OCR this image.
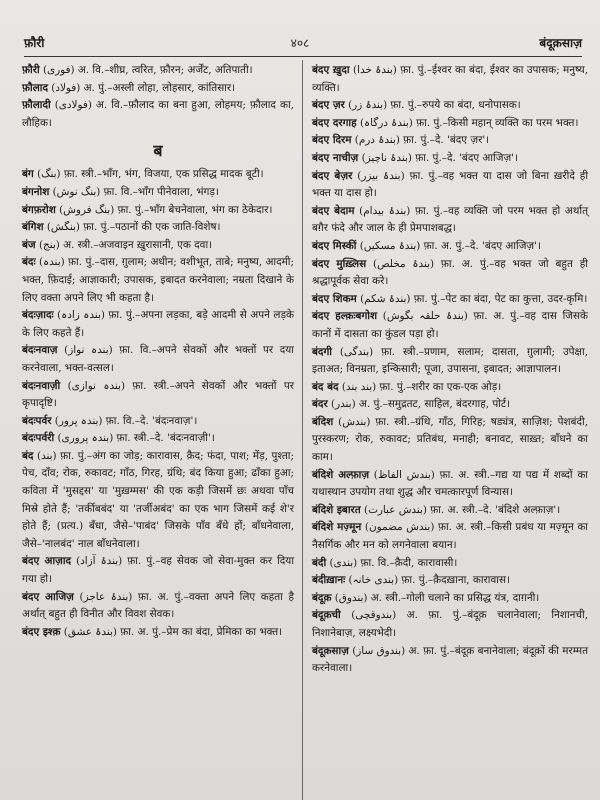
फ़ौरी	४०८	बंदूक़साज़
फ़ौरी (فوری) अ. वि.–शीघ्र, त्वरित, फ़ौरन; अर्जेंट, अतिपाती।
फ़ौलाद (فولاد) अ. पुं.–अस्ली लोहा, लोहसार, कांतिसार।
फ़ौलादी (فولادی) अ. वि.–फ़ौलाद का बना हुआ, लोहमय; फ़ौलाद का, लौहिक।
ब
बंग (بنگ) फ़ा. स्त्री.–भाँग, भंग, विजया, एक प्रसिद्ध मादक बूटी।
बंगनोश (بنگ نوش) फ़ा. वि.–भाँग पीनेवाला, भंगड़।
बंगफ़रोश (بنگ فروش) फ़ा. पुं.–भाँग बेचनेवाला, भंग का ठेकेदार।
बंगिश (بنگش) फ़ा. पुं.–पठानों की एक जाति-विशेष।
बंज (بنج) अ. स्त्री.–अजवाइन ख़ुरासानी, एक दवा।
बंदः (بندہ) फ़ा. पुं.–दास, ग़ुलाम; अधीन; वशीभूत, ताबे; मनुष्य, आदमी; भक्त, फ़िदाई; आज्ञाकारी; उपासक, इबादत करनेवाला; नम्रता दिखाने के लिए वक्ता अपने लिए भी कहता है।
बंदःज़ादः (بندہ زادہ) फ़ा. पुं.–अपना लड़का, बड़े आदमी से अपने लड़के के लिए कहते हैं।
बंदःनवाज़ (بندہ نواز) फ़ा. वि.–अपने सेवकों और भक्तों पर दया करनेवाला, भक्त-वत्सल।
बंदःनवाज़ी (بندہ نوازی) फ़ा. स्त्री.–अपने सेवकों और भक्तों पर कृपादृष्टि।
बंदःपर्वर (بندہ پرور) फ़ा. वि.–दे. 'बंदःनवाज़'।
बंदःपर्वरी (بندہ پروری) फ़ा. स्त्री.–दे. 'बंदःनवाज़ी'।
बंद (بند) फ़ा. पुं.–अंग का जोड़; कारावास, क़ैद; फंदा, पाश; मेंड़, पुश्ता; पेच, दाँव; रोक, रुकावट; गाँठ, गिरह, ग्रंथि; बंद किया हुआ; ढाँका हुआ; कविता में 'मुसद्दस' या 'मुख़म्मस' की एक कड़ी जिसमें छः अथवा पाँच मिस्रे होते हैं; 'तर्कीबबंद' या 'तर्जीअबंद' का एक भाग जिसमें कई शे'र होते हैं; (प्रत्य.) बँधा, जैसे–'पाबंद' जिसके पाँव बँधे हों; बाँधनेवाला, जैसे–'नालबंद' नाल बाँधनेवाला।
बंदए आज़ाद (بندۂ آزاد) फ़ा. पुं.–वह सेवक जो सेवा-मुक्त कर दिया गया हो।
बंदए आजिज़ (بندۂ عاجز) फ़ा. अ. पुं.–वक्ता अपने लिए कहता है अर्थात् बहुत ही विनीत और विवश सेवक।
बंदए इश्क़ (بندۂ عشق) फ़ा. अ. पुं.–प्रेम का बंदा, प्रेमिका का भक्त।
बंदए ख़ुदा (بندۂ خدا) फ़ा. पुं.–ईश्वर का बंदा, ईश्वर का उपासक; मनुष्य, व्यक्ति।
बंदए ज़र (بندۂ زر) फ़ा. पुं.–रुपये का बंदा, धनोपासक।
बंदए दरगाह (بندۂ درگاہ) फ़ा. पुं.–किसी महान् व्यक्ति का परम भक्त।
बंदए दिरम (بندۂ درم) फ़ा. पुं.–दे. 'बंदए ज़र'।
बंदए नाचीज़ (بندۂ ناچیز) फ़ा. पुं.–दे. 'बंदए आजिज़'।
बंदए बेज़र (بندۂ بیزر) फ़ा. पुं.–वह भक्त या दास जो बिना ख़रीदे ही भक्त या दास हो।
बंदए बेदाम (بندۂ بیدام) फ़ा. पुं.–वह व्यक्ति जो परम भक्त हो अर्थात् बग़ैर फंदे और जाल के ही प्रेमपाशबद्ध।
बंदए मिस्कीं (بندۂ مسکیں) फ़ा. अ. पुं.–दे. 'बंदए आजिज़'।
बंदए मुख़्लिस (بندۂ مخلص) फ़ा. अ. पुं.–वह भक्त जो बहुत ही श्रद्धापूर्वक सेवा करे।
बंदए शिकम (بندۂ شکم) फ़ा. पुं.–पेट का बंदा, पेट का कुत्ता, उदर-कृमि।
बंदए हल्क़ःबगोश (بندۂ حلقہ بگوش) फ़ा. अ. पुं.–वह दास जिसके कानों में दासता का कुंडल पड़ा हो।
बंदगी (بندگی) फ़ा. स्त्री.–प्रणाम, सलाम; दासता, ग़ुलामी; उपेक्षा, इताअत; विनम्रता, इन्किसारी; पूजा, उपासना, इबादत; आज्ञापालन।
बंद बंद (بند بند) फ़ा. पुं.–शरीर का एक-एक ओड़।
बंदर (بندر) अ. पुं.–समुद्रतट, साहिल, बंदरगाह, पोर्ट।
बंदिश (بندش) फ़ा. स्त्री.–ग्रंथि, गाँठ, गिरिह; षड्यंत्र, साज़िश; पेशबंदी, पुरस्करण; रोक, रुकावट; प्रतिबंध, मनाही; बनावट, साख़्त; बाँधने का काम।
बंदिशे अल्फ़ाज़ (بندش الفاظ) फ़ा. अ. स्त्री.–गद्य या पद्य में शब्दों का यथास्थान उपयोग तथा शुद्ध और चमत्कारपूर्ण विन्यास।
बंदिशे इबारत (بندش عبارت) फ़ा. अ. स्त्री.–दे. 'बंदिशे अल्फ़ाज़'।
बंदिशे मज़्मून (بندش مضمون) फ़ा. अ. स्त्री.–किसी प्रबंध या मज़्मून का नैसर्गिक और मन को लगनेवाला बयान।
बंदी (بندی) फ़ा. वि.–क़ैदी, कारावासी।
बंदीख़ानः (بندی خانہ) फ़ा. पुं.–क़ैदख़ाना, कारावास।
बंदूक़ (بندوق) अ. स्त्री.–गोली चलाने का प्रसिद्ध यंत्र, दाग़नी।
बंदूक़ची (بندوقچی) अ. फ़ा. पुं.–बंदूक़ चलानेवाला; निशानची, निशानेबाज़, लक्ष्यभेदी।
बंदूक़साज़ (بندوق ساز) अ. फ़ा. पुं.–बंदूक़ बनानेवाला; बंदूक़ों की मरम्मत करनेवाला।
